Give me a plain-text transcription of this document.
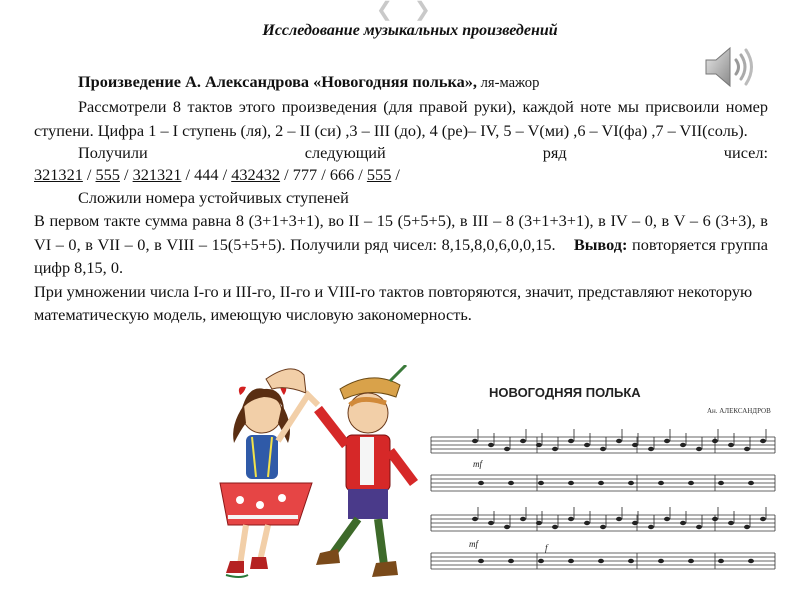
❮ ❯
Исследование музыкальных произведений

Произведение А. Александрова «Новогодняя полька», ля-мажор

Рассмотрели 8 тактов этого произведения (для правой руки), каждой ноте мы присвоили номер ступени. Цифра 1 – I ступень (ля), 2 – II (си) ,3 – III (до), 4 (ре)– IV, 5 – V(ми) ,6 – VI(фа) ,7 – VII(соль).

Получили следующий ряд чисел:

321321 / 555 / 321321 / 444 / 432432 / 777 / 666 / 555 /

Сложили номера устойчивых ступеней

В первом такте сумма равна 8 (3+1+3+1), во II – 15 (5+5+5), в III – 8 (3+1+3+1), в IV – 0, в V – 6 (3+3), в VI – 0, в VII – 0, в VIII – 15(5+5+5). Получили ряд чисел: 8,15,8,0,6,0,0,15. Вывод: повторяется группа цифр 8,15, 0.

При умножении числа I-го и III-го, II-го и VIII-го тактов повторяются, значит, представляют некоторую математическую модель, имеющую числовую закономерность.

НОВОГОДНЯЯ ПОЛЬКА
Ан. АЛЕКСАНДРОВ
mf
mf	f
